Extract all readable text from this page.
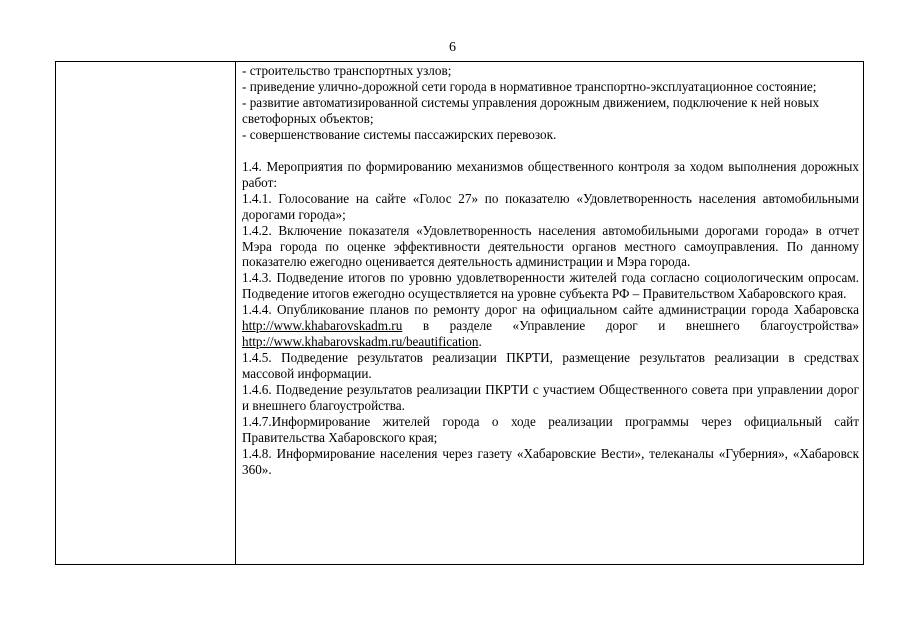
6

- строительство транспортных узлов;

- приведение улично-дорожной сети города в нормативное транспортно-эксплуатационное состояние;

- развитие автоматизированной системы управления дорожным движением, подключение к ней новых светофорных объектов;

- совершенствование системы пассажирских перевозок.

1.4. Мероприятия по формированию механизмов общественного контроля за ходом выполнения дорожных работ:

1.4.1. Голосование на сайте «Голос 27» по показателю «Удовлетворенность населения автомобильными дорогами города»;

1.4.2. Включение показателя «Удовлетворенность населения автомобильными дорогами города» в отчет Мэра города по оценке эффективности деятельности органов местного самоуправления. По данному показателю ежегодно оценивается деятельность администрации и Мэра города.

1.4.3. Подведение итогов по уровню удовлетворенности жителей года согласно социологическим опросам. Подведение итогов ежегодно осуществляется на уровне субъекта РФ – Правительством Хабаровского края.

1.4.4. Опубликование планов по ремонту дорог на официальном сайте администрации города Хабаровска http://www.khabarovskadm.ru в разделе «Управление дорог и внешнего благоустройства» http://www.khabarovskadm.ru/beautification.

1.4.5. Подведение результатов реализации ПКРТИ, размещение результатов реализации в средствах массовой информации.

1.4.6. Подведение результатов реализации ПКРТИ с участием Общественного совета при управлении дорог и внешнего благоустройства.

1.4.7.Информирование жителей города о ходе реализации программы через официальный сайт Правительства Хабаровского края;

1.4.8. Информирование населения через газету «Хабаровские Вести», телеканалы «Губерния», «Хабаровск 360».
